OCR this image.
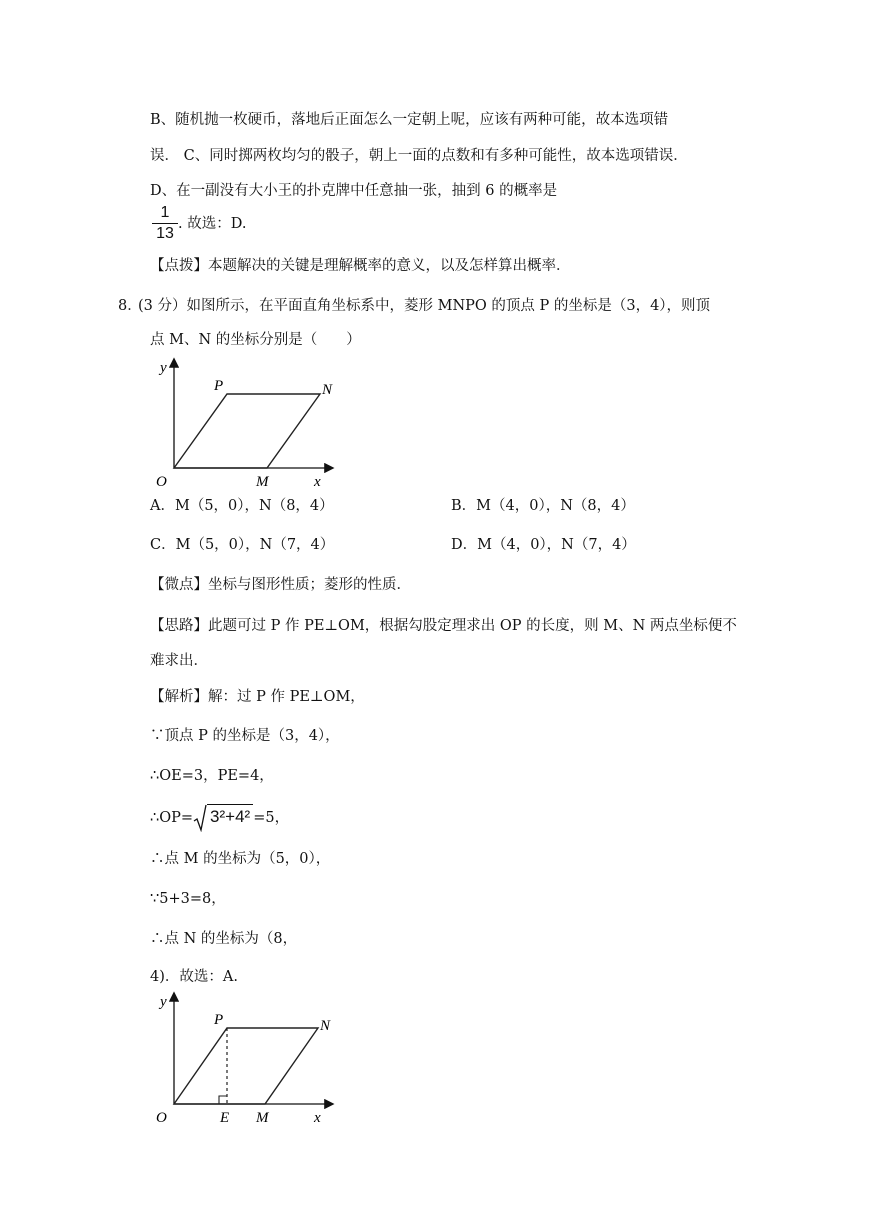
B、随机抛一枚硬币，落地后正面怎么一定朝上呢，应该有两种可能，故本选项错
误． C、同时掷两枚均匀的骰子，朝上一面的点数和有多种可能性，故本选项错误．
D、在一副没有大小王的扑克牌中任意抽一张，抽到 6 的概率是
1
13
. 故选：D.
【点拨】本题解决的关键是理解概率的意义，以及怎样算出概率．
8．
(3 分）如图所示，在平面直角坐标系中，菱形 MNPO 的顶点 P 的坐标是（3，4），则顶
点 M、N 的坐标分别是（　　）
y
x
O
P	N
M
A．M（5，0），N（8，4）	B．M（4，0），N（8，4）
C．M（5，0），N（7，4）	D．M（4，0），N（7，4）
【微点】坐标与图形性质；菱形的性质．
【思路】此题可过 P 作 PE⊥OM，根据勾股定理求出 OP 的长度，则 M、N 两点坐标便不
难求出．
【解析】解：过 P 作 PE⊥OM，
∵顶点 P 的坐标是（3，4），
∴OE=3，PE=4，
∴OP= 3²+4² =5，
∴点 M 的坐标为（5，0），
∵5+3=8，
∴点 N 的坐标为（8，
4)．故选：A.
y
x
O
P	N
E M
